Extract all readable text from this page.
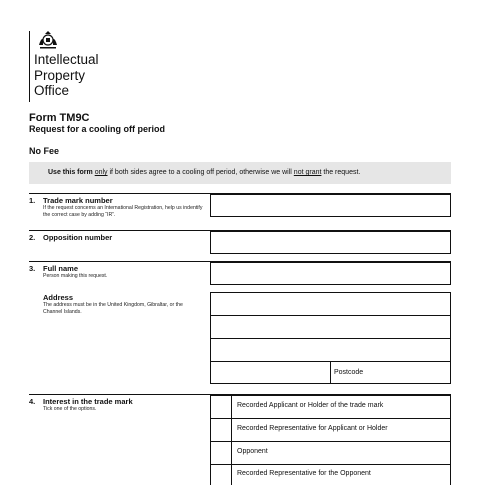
Intellectual
Property
Office
Form TM9C
Request for a cooling off period
No Fee
Use this form only if both sides agree to a cooling off period, otherwise we will not grant the request.
1. Trade mark number
If the request concerns an International Registration, help us indentify the correct case by adding “IR”.
2. Opposition number
3. Full name
Person making this request.
Address
The address must be in the United Kingdom, Gibraltar, or the Channel Islands.
Postcode
4. Interest in the trade mark
Tick one of the options.	Recorded Applicant or Holder of the trade mark
Recorded Representative for Applicant or Holder
Opponent
Recorded Representative for the Opponent
